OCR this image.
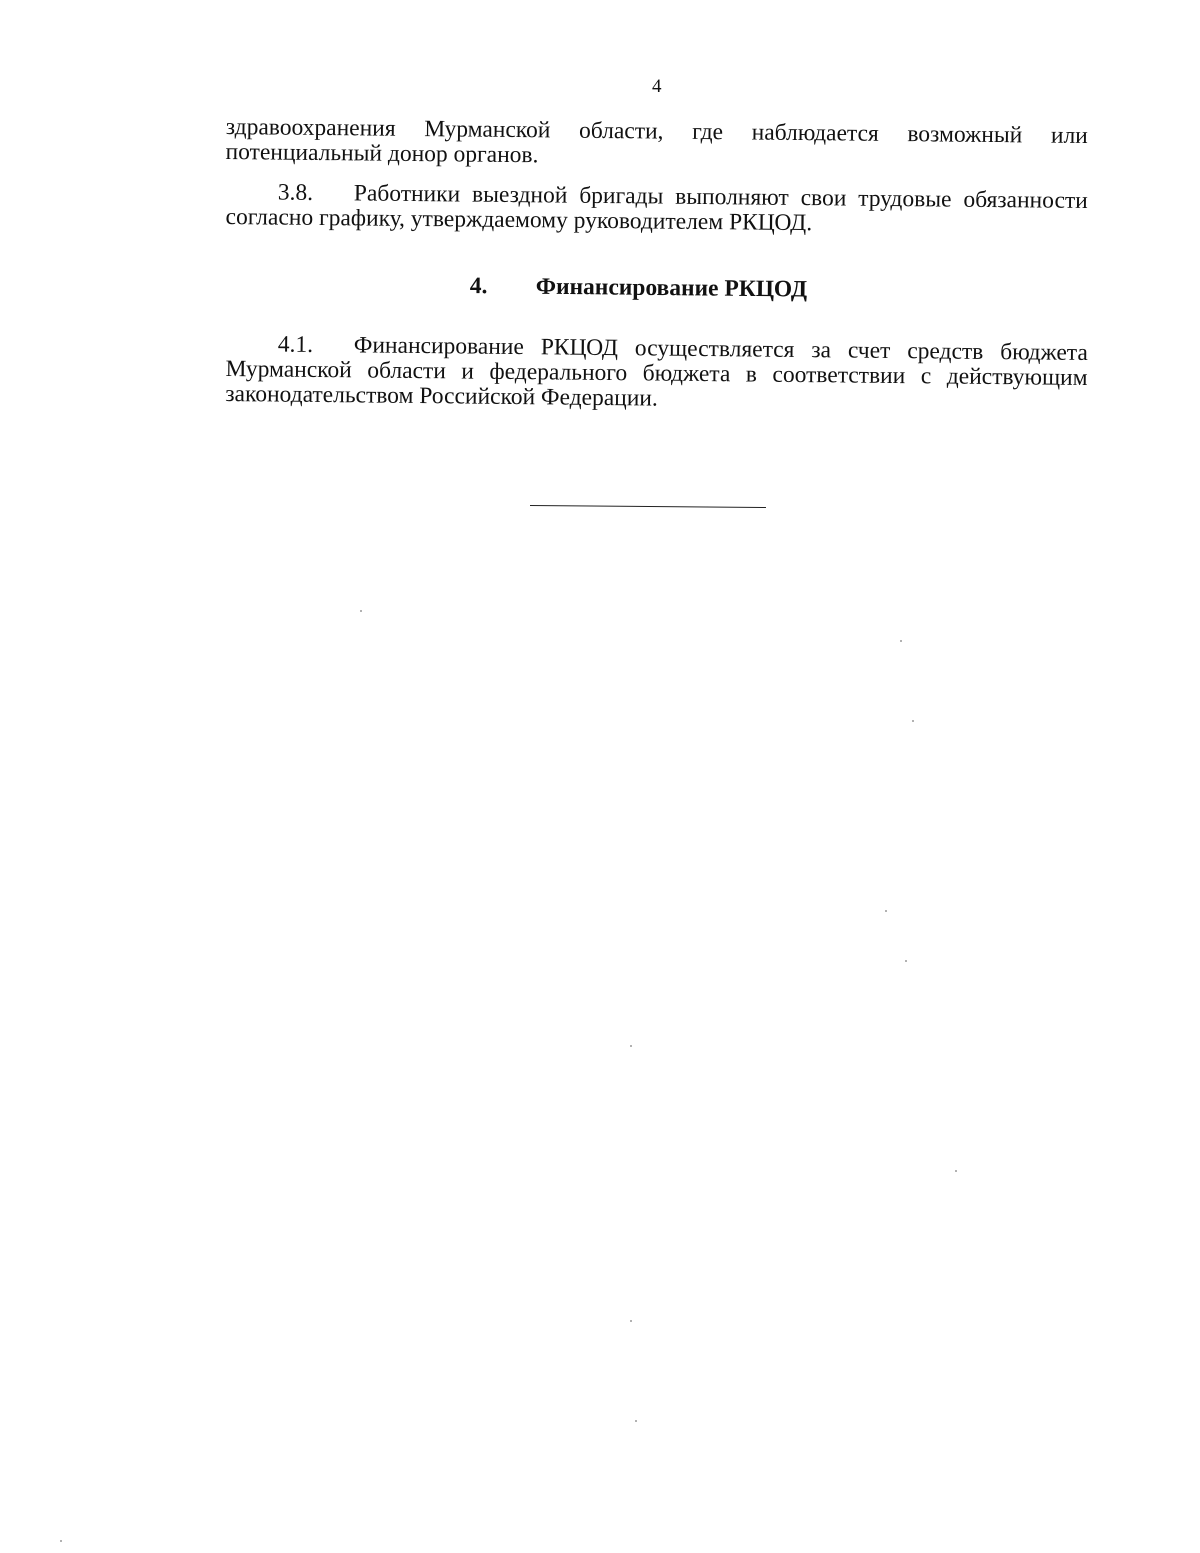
4

здравоохранения Мурманской области, где наблюдается возможный или потенциальный донор органов.

3.8. Работники выездной бригады выполняют свои трудовые обязанности согласно графику, утверждаемому руководителем РКЦОД.

4. Финансирование РКЦОД

4.1. Финансирование РКЦОД осуществляется за счет средств бюджета Мурманской области и федерального бюджета в соответствии с действующим законодательством Российской Федерации.
